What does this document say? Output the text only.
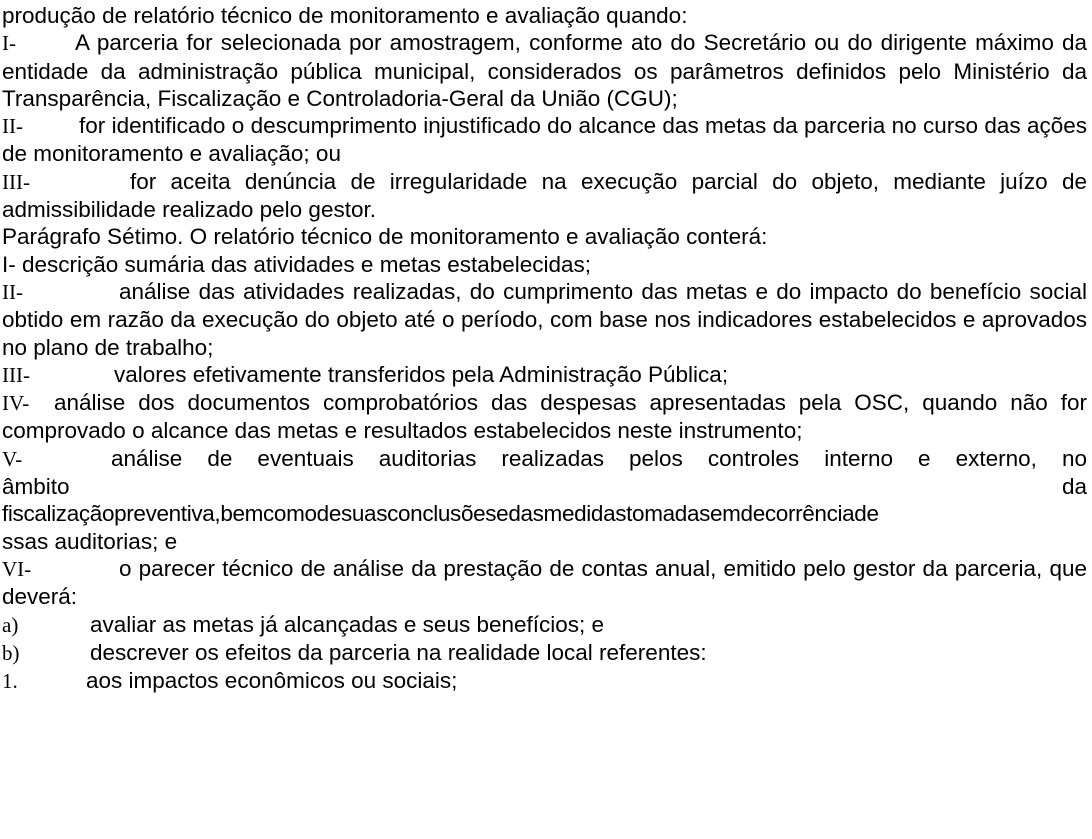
produção de relatório técnico de monitoramento e avaliação quando:

I-	A parceria for selecionada por amostragem, conforme ato do Secretário ou do dirigente máximo da entidade da administração pública municipal, considerados os parâmetros definidos pelo Ministério da Transparência, Fiscalização e Controladoria-Geral da União (CGU);

II- for identificado o descumprimento injustificado do alcance das metas da parceria no curso das ações de monitoramento e avaliação; ou

III-	for aceita denúncia de irregularidade na execução parcial do objeto, mediante juízo de admissibilidade realizado pelo gestor.

Parágrafo Sétimo. O relatório técnico de monitoramento e avaliação conterá:

I- descrição sumária das atividades e metas estabelecidas;

II-	análise das atividades realizadas, do cumprimento das metas e do impacto do benefício social obtido em razão da execução do objeto até o período, com base nos indicadores estabelecidos e aprovados no plano de trabalho;

III-	valores efetivamente transferidos pela Administração Pública;

IV- análise dos documentos comprobatórios das despesas apresentadas pela OSC, quando não for comprovado o alcance das metas e resultados estabelecidos neste instrumento;

V-	análise de eventuais auditorias realizadas pelos controles interno e externo, no
âmbito	da
fiscalizaçãopreventiva,bemcomodesuasconclusõesedasmedidastomadasemdecorrênciade
ssas auditorias; e

VI-	o parecer técnico de análise da prestação de contas anual, emitido pelo gestor da parceria, que deverá:

a)	avaliar as metas já alcançadas e seus benefícios; e

b)	descrever os efeitos da parceria na realidade local referentes:

1.	aos impactos econômicos ou sociais;
